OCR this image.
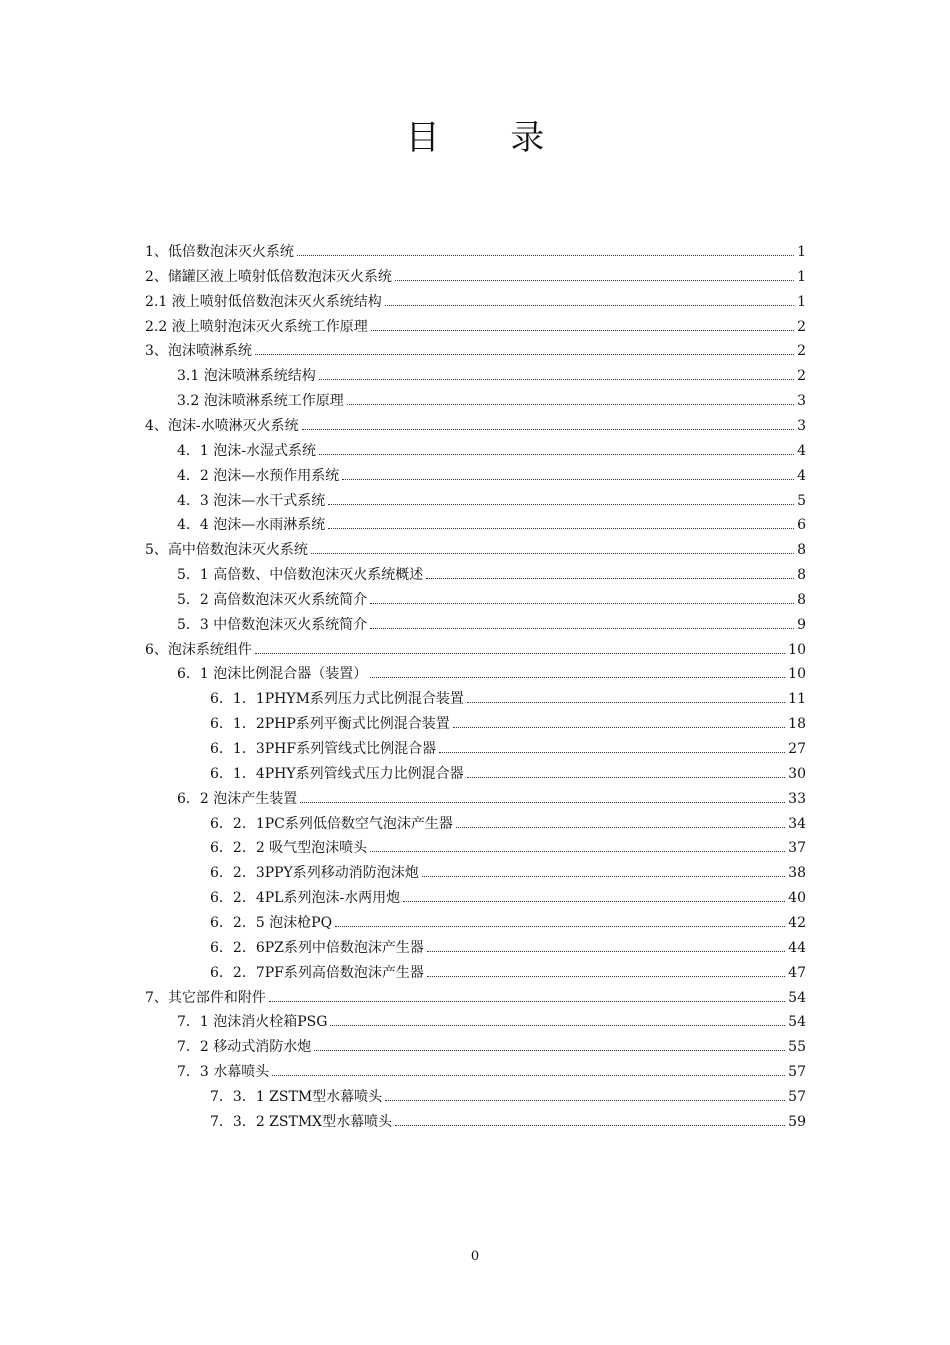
目 录
1、低倍数泡沫灭火系统	1
2、储罐区液上喷射低倍数泡沫灭火系统	1
2.1 液上喷射低倍数泡沫灭火系统结构	1
2.2 液上喷射泡沫灭火系统工作原理	2
3、泡沫喷淋系统	2
3.1 泡沫喷淋系统结构	2
3.2 泡沫喷淋系统工作原理	3
4、泡沫-水喷淋灭火系统	3
4．1 泡沫-水湿式系统	4
4．2 泡沫—水预作用系统	4
4．3 泡沫—水干式系统	5
4．4 泡沫—水雨淋系统	6
5、高中倍数泡沫灭火系统	8
5．1 高倍数、中倍数泡沫灭火系统概述	8
5．2 高倍数泡沫灭火系统简介	8
5．3 中倍数泡沫灭火系统简介	9
6、泡沫系统组件	10
6．1 泡沫比例混合器（装置）	10
6．1．1PHYM系列压力式比例混合装置	11
6．1．2PHP系列平衡式比例混合装置	18
6．1．3PHF系列管线式比例混合器	27
6．1．4PHY系列管线式压力比例混合器	30
6．2 泡沫产生装置	33
6．2．1PC系列低倍数空气泡沫产生器	34
6．2．2 吸气型泡沫喷头	37
6．2．3PPY系列移动消防泡沫炮	38
6．2．4PL系列泡沫-水两用炮	40
6．2．5 泡沫枪PQ	42
6．2．6PZ系列中倍数泡沫产生器	44
6．2．7PF系列高倍数泡沫产生器	47
7、其它部件和附件	54
7．1 泡沫消火栓箱PSG	54
7．2 移动式消防水炮	55
7．3 水幕喷头	57
7．3．1 ZSTM型水幕喷头	57
7．3．2 ZSTMX型水幕喷头	59
0
